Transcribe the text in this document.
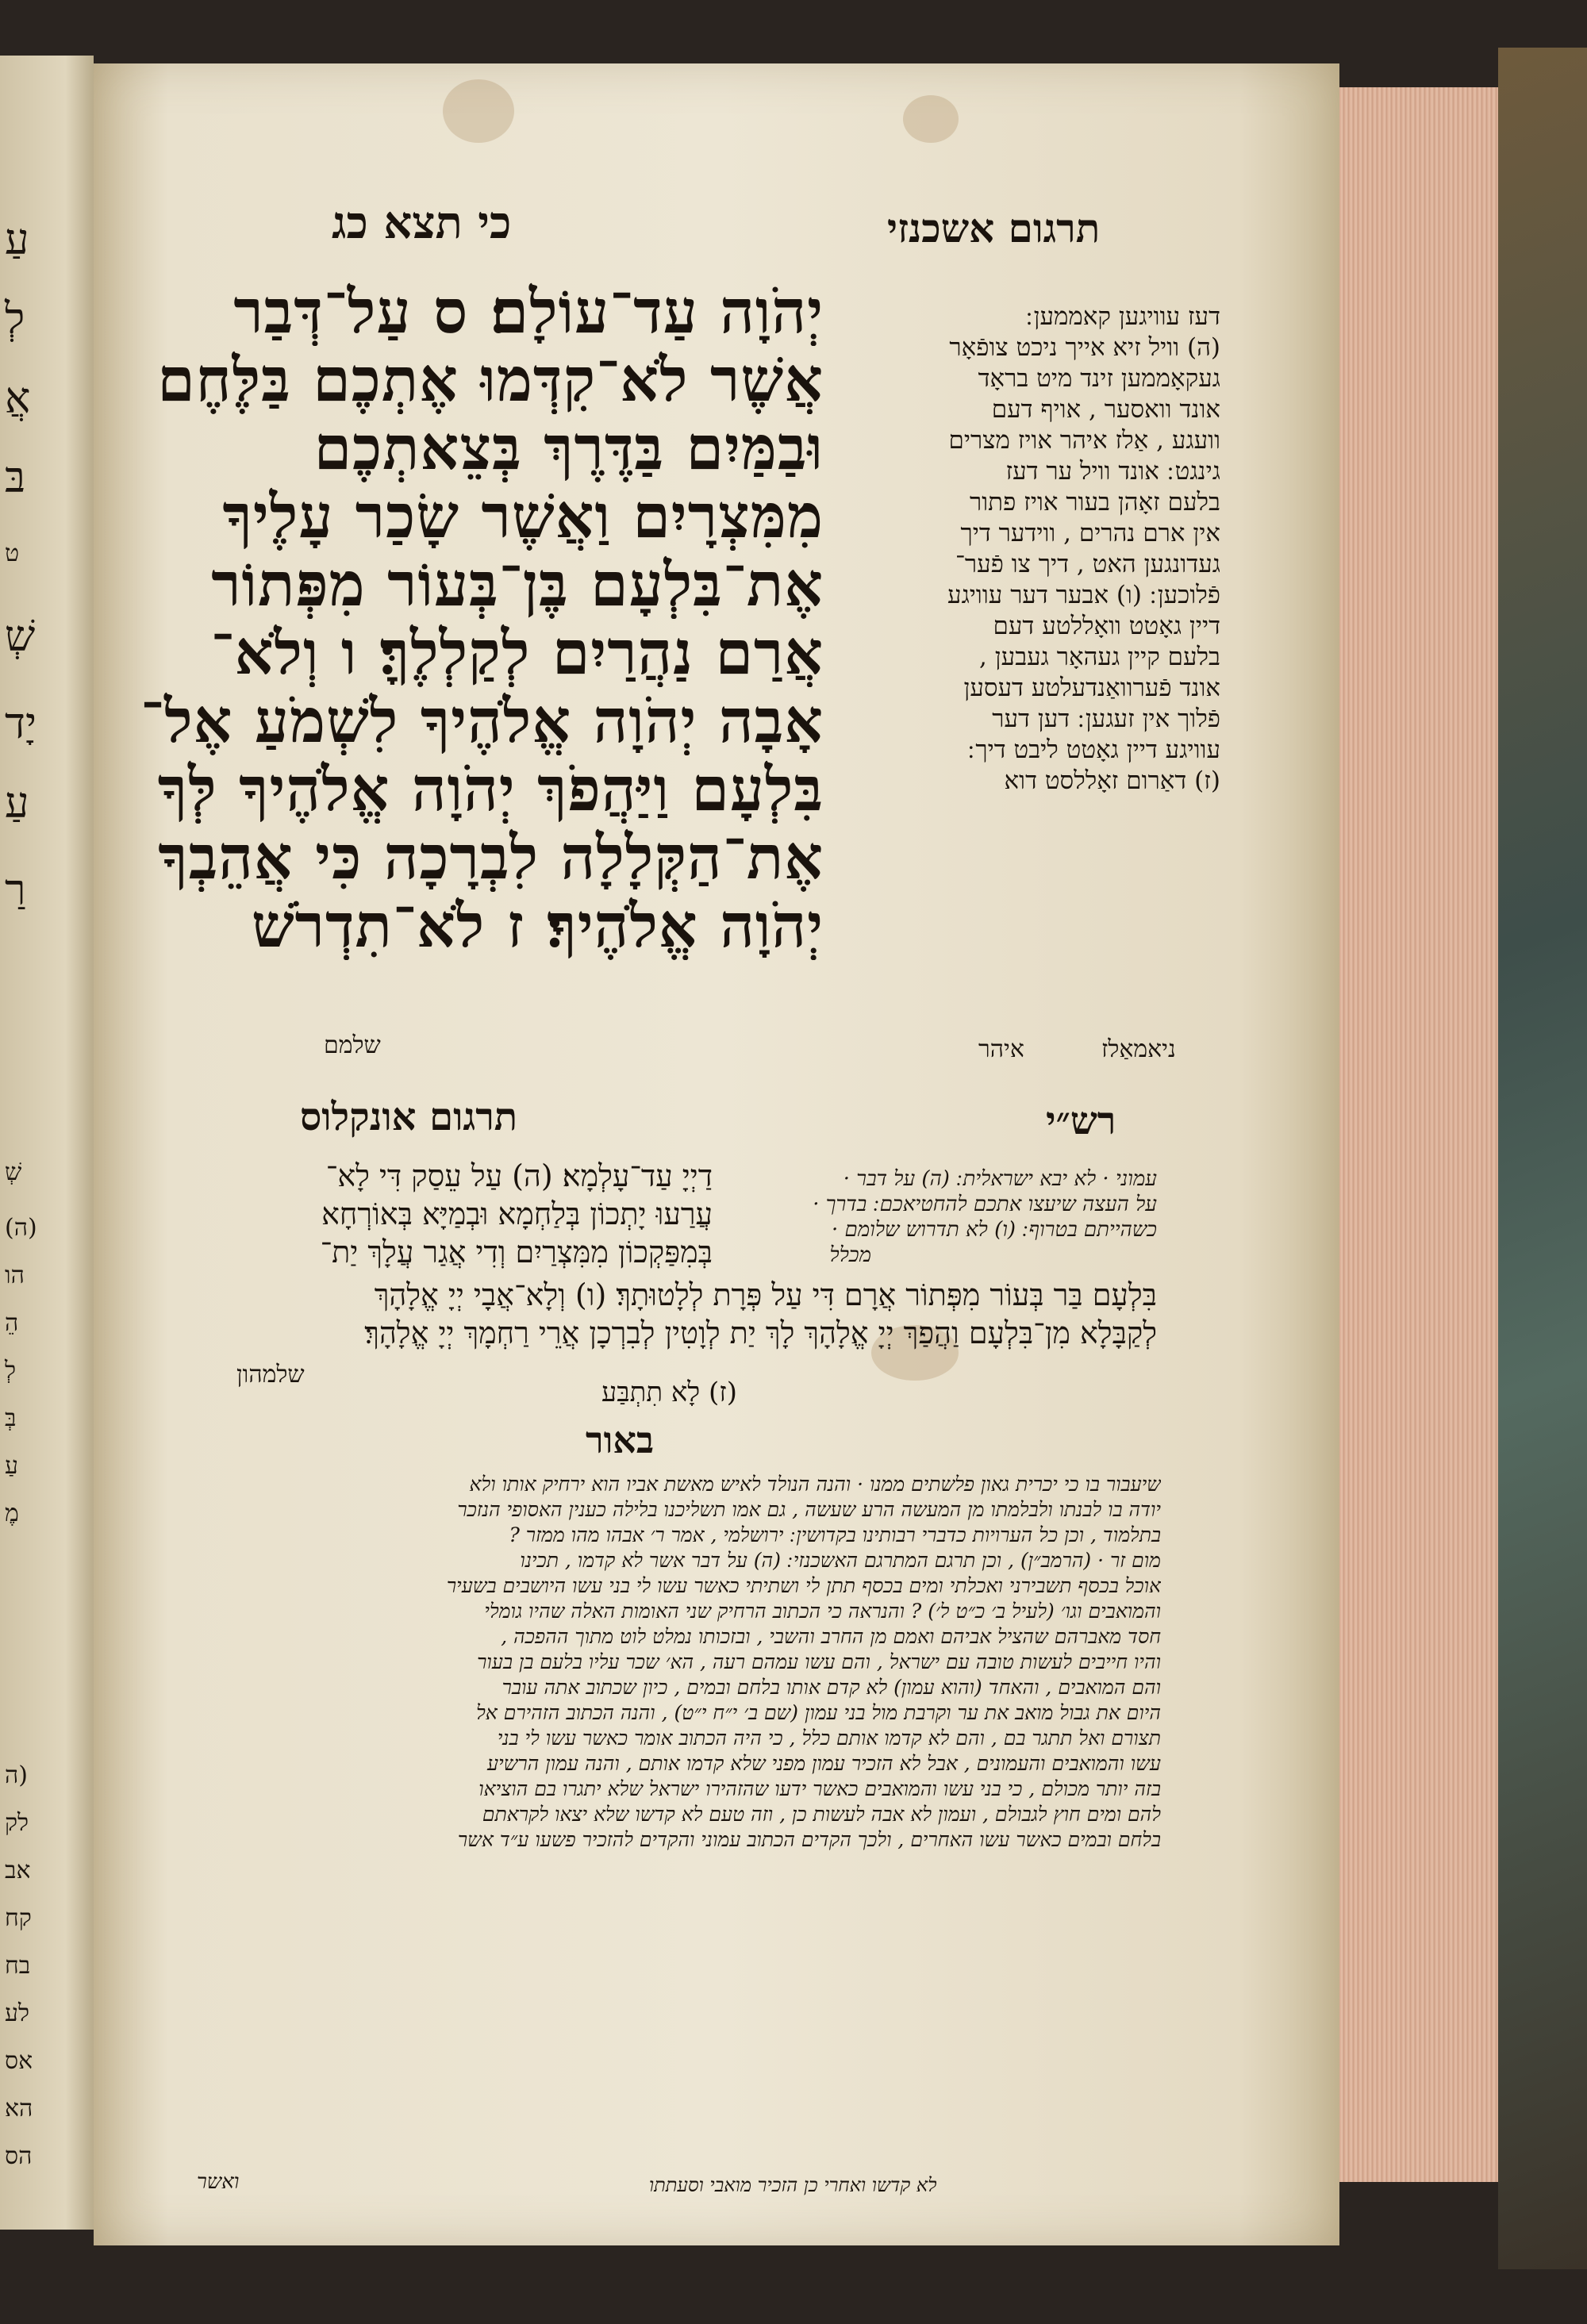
עַ
לְ
אֲ
בּ
ט
שְׁ
יָד
עַ
רַ
שְׁ
(ה)
הו
הֵ
לְ
בְּ
עַ
מֶ
(ה
לק
אב
קח
בח
לע
אס
הא
הס
כי תצא כג	תרגום אשכנזי
יְהֹוָה עַד־עוֹלָם׃ ס עַל־דְּבַר
אֲשֶׁר לֹא־קִדְּמוּ אֶתְכֶם בַּלֶּחֶם
וּבַמַּיִם בַּדֶּרֶךְ בְּצֵאתְכֶם
מִמִּצְרָיִם וַאֲשֶׁר שָׂכַר עָלֶיךָ
אֶת־בִּלְעָם בֶּן־בְּעוֹר מִפְּתוֹר
אֲרַם נַהֲרַיִם לְקַלְלֶךָּ׃ ו וְלֹא־
אָבָה יְהֹוָה אֱלֹהֶיךָ לִשְׁמֹעַ אֶל־
בִּלְעָם וַיַּהֲפֹךְ יְהֹוָה אֱלֹהֶיךָ לְּךָ
אֶת־הַקְּלָלָה לִבְרָכָה כִּי אֲהֵבְךָ
יְהֹוָה אֱלֹהֶיךָ׃ ז לֹא־תִדְרֹשׁ
שלמם
דעז עוויגען קאממען ׃
(ה) וויל זיא אייך ניכט צופֿאָר
געקאָממען זינד מיט בראָד
אונד וואסער , אויף דעם
וועגע , אַלז איהר אויז מצרים
גינגט ׃ אונד וויל ער דעז
בלעם זאָהן בעור אויז פתור
אין ארם נהרים , ווידער דיך
געדונגען האט , דיך צו פֿער־
פֿלוכען ׃ (ו) אבער דער עוויגע
דיין גאָטט וואָללטע דעם
בלעם קיין געהאָר געבען ,
אונד פֿערוואַנדעלטע דעסען
פֿלוך אין זעגען ׃ דען דער
עוויגע דיין גאָטט ליבט דיך ׃
(ז) דאַרום זאָללסט דוא
איהר	ניאמאַלז
תרגום אונקלוס	רש״י
דַיְיָ עַד־עָלְמָא׃ (ה) עַל עֵסַק דִּי לָא־
עֲרַעוּ יָתְכוֹן בְּלַחְמָא וּבְמַיָּא בְּאוֹרְחָא
בְּמִפַּקְכוֹן מִמִּצְרַיִם וְדִי אֲגַר עֲלָךְ יַת־
עמוני · לא יבא ישראלית ׃ (ה) על דבר ·
על העצה שיעצו אתכם להחטיאכם ׃ בדרך ·
כשהייתם בטרוף ׃ (ו) לא תדרוש שלומם ·
מכלל
בִּלְעָם בַּר בְּעוֹר מִפְּתוֹר אֲרָם דִּי עַל פְּרָת לְלָטוּתָךְ׃ (ו) וְלָא־אֲבָי יְיָ אֱלָהָךְ
לְקַבָּלָא מִן־בִּלְעָם וַהֲפַךְ יְיָ אֱלָהָךְ לָךְ יַת לְוָטִין לְבִרְכָן אֲרֵי רַחְמָךְ יְיָ אֱלָהָךְ׃
שלמהון
(ז) לָא תִתְבַּע
באור
שיעבור בו כי יכרית גאון פלשתים ממנו · והנה הנולד לאיש מאשת אביו הוא ירחיק אותו ולא
יודה בו לבנתו ולבלמתו מן המעשה הרע שעשה , גם אמו תשליכנו בלילה כענין האסופי הנזכר
בתלמוד , וכן כל הערויות כדברי רבותינו בקדושין ׃ ירושלמי , אמר ר׳ אבהו מהו ממזר ?
מום זר · (הרמב״ן) , וכן תרגם המתרגם האשכנזי ׃ (ה) על דבר אשר לא קדמו , תכינו
אוכל בכסף תשבירני ואכלתי ומים בכסף תתן לי ושתיתי כאשר עשו לי בני עשו היושבים בשעיר
והמואבים וגו׳ (לעיל ב׳ כ״ט ל׳) ? והנראה כי הכתוב הרחיק שני האומות האלה שהיו גומלי
חסד מאברהם שהציל אביהם ואמם מן החרב והשבי , ובזכותו נמלט לוט מתוך ההפכה ,
והיו חייבים לעשות טובה עם ישראל , והם עשו עמהם רעה , הא׳ שכר עליו בלעם בן בעור
והם המואבים , והאחד (והוא עמון) לא קדם אותו בלחם ובמים , כיון שכתוב אתה עובר
היום את גבול מואב את ער וקרבת מול בני עמון (שם ב׳ י״ח י״ט) , והנה הכתוב הזהירם אל
תצורם ואל תתגר בם , והם לא קדמו אותם כלל , כי היה הכתוב אומר כאשר עשו לי בני
עשו והמואבים והעמונים , אבל לא הזכיר עמון מפני שלא קדמו אותם , והנה עמון הרשיע
בזה יותר מכולם , כי בני עשו והמואבים כאשר ידעו שהזהירו ישראל שלא יתגרו בם הוציאו
להם ומים חוץ לגבולם , ועמון לא אבה לעשות כן , וזה טעם לא קדשו שלא יצאו לקראתם
בלחם ובמים כאשר עשו האחרים , ולכך הקדים הכתוב עמוני והקדים להזכיר פשעו ע״ד אשר
לא קדשו ואחרי כן הזכיר מואבי וסעתתו
ואשר
